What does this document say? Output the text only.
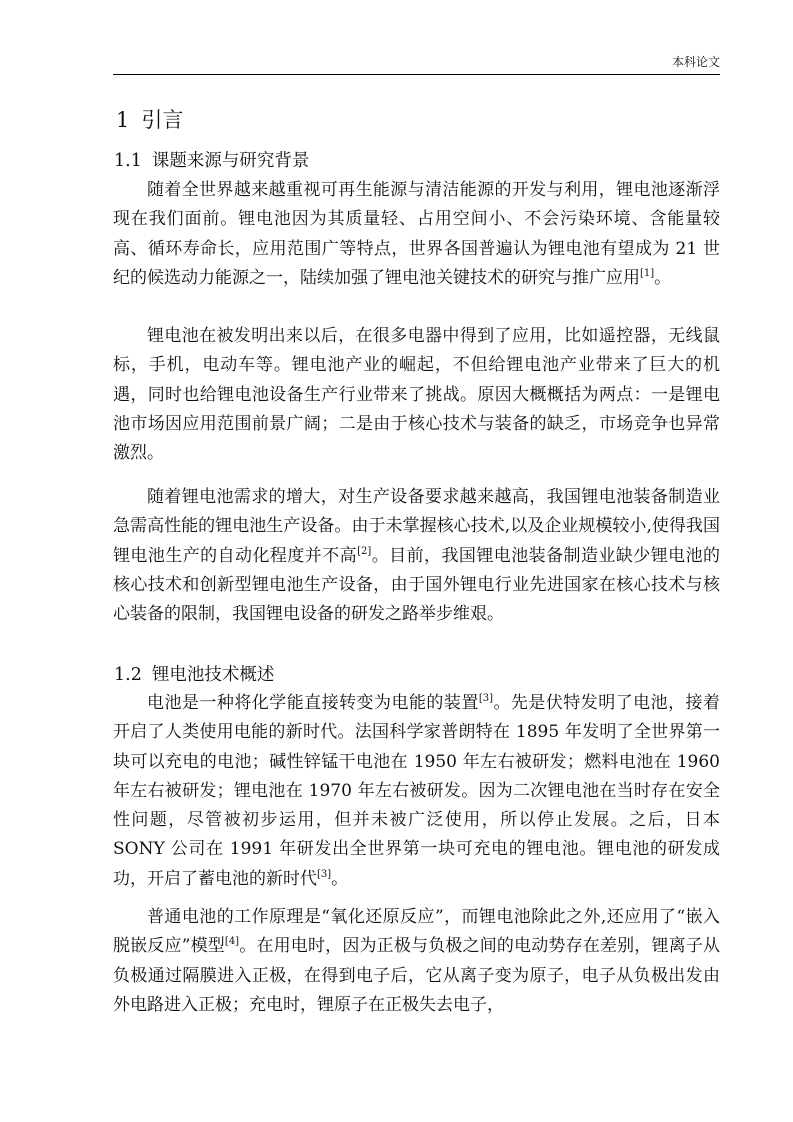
本科论文
1 引言
1.1 课题来源与研究背景

随着全世界越来越重视可再生能源与清洁能源的开发与利用，锂电池逐渐浮现在我们面前。锂电池因为其质量轻、占用空间小、不会污染环境、含能量较高、循环寿命长，应用范围广等特点，世界各国普遍认为锂电池有望成为 21 世纪的候选动力能源之一，陆续加强了锂电池关键技术的研究与推广应用[1]。

锂电池在被发明出来以后，在很多电器中得到了应用，比如遥控器，无线鼠标，手机，电动车等。锂电池产业的崛起，不但给锂电池产业带来了巨大的机遇，同时也给锂电池设备生产行业带来了挑战。原因大概概括为两点：一是锂电池市场因应用范围前景广阔；二是由于核心技术与装备的缺乏，市场竞争也异常激烈。

随着锂电池需求的增大，对生产设备要求越来越高，我国锂电池装备制造业急需高性能的锂电池生产设备。由于未掌握核心技术,以及企业规模较小,使得我国锂电池生产的自动化程度并不高[2]。目前，我国锂电池装备制造业缺少锂电池的核心技术和创新型锂电池生产设备，由于国外锂电行业先进国家在核心技术与核心装备的限制，我国锂电设备的研发之路举步维艰。

1.2 锂电池技术概述

电池是一种将化学能直接转变为电能的装置[3]。先是伏特发明了电池，接着开启了人类使用电能的新时代。法国科学家普朗特在 1895 年发明了全世界第一块可以充电的电池；碱性锌锰干电池在 1950 年左右被研发；燃料电池在 1960 年左右被研发；锂电池在 1970 年左右被研发。因为二次锂电池在当时存在安全性问题，尽管被初步运用，但并未被广泛使用，所以停止发展。之后，日本 SONY 公司在 1991 年研发出全世界第一块可充电的锂电池。锂电池的研发成功，开启了蓄电池的新时代[3]。

普通电池的工作原理是“氧化还原反应”，而锂电池除此之外,还应用了“嵌入脱嵌反应”模型[4]。在用电时，因为正极与负极之间的电动势存在差别，锂离子从负极通过隔膜进入正极，在得到电子后，它从离子变为原子，电子从负极出发由外电路进入正极；充电时，锂原子在正极失去电子，
